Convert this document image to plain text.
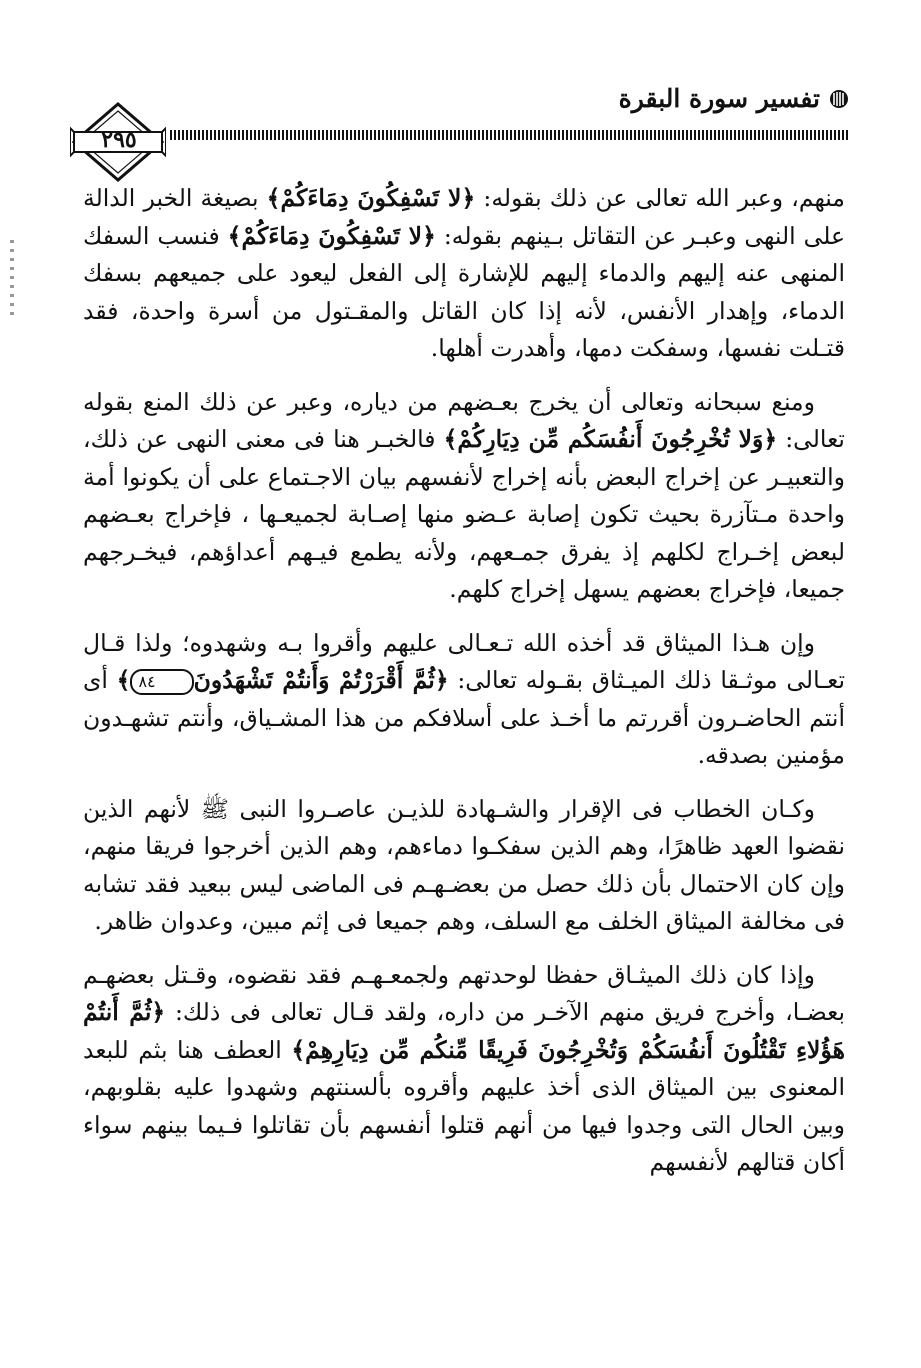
تفسير سورة البقرة
٢٩٥

منهم، وعبر الله تعالى عن ذلك بقوله: ﴿لا تَسْفِكُونَ دِمَاءَكُمْ﴾ بصيغة الخبر الدالة على النهى وعبـر عن التقاتل بـينهم بقوله: ﴿لا تَسْفِكُونَ دِمَاءَكُمْ﴾ فنسب السفك المنهى عنه إليهم والدماء إليهم للإشارة إلى الفعل ليعود على جميعهم بسفك الدماء، وإهدار الأنفس، لأنه إذا كان القاتل والمقـتول من أسرة واحدة، فقد قتـلت نفسها، وسفكت دمها، وأهدرت أهلها.

ومنع سبحانه وتعالى أن يخرج بعـضهم من دياره، وعبر عن ذلك المنع بقوله تعالى: ﴿وَلا تُخْرِجُونَ أَنفُسَكُم مِّن دِيَارِكُمْ﴾ فالخبـر هنا فى معنى النهى عن ذلك، والتعبيـر عن إخراج البعض بأنه إخراج لأنفسهم بيان الاجـتماع على أن يكونوا أمة واحدة مـتآزرة بحيث تكون إصابة عـضو منها إصـابة لجميعـها ، فإخراج بعـضهم لبعض إخـراج لكلهم إذ يفرق جمـعهم، ولأنه يطمع فيـهم أعداؤهم، فيخـرجهم جميعا، فإخراج بعضهم يسهل إخراج كلهم.

وإن هـذا الميثاق قد أخذه الله تـعـالى عليهم وأقروا بـه وشهدوه؛ ولذا قـال تعـالى موثـقا ذلك الميـثاق بقـوله تعالى: ﴿ثُمَّ أَقْرَرْتُمْ وَأَنتُمْ تَشْهَدُونَ٨٤﴾ أى أنتم الحاضـرون أقررتم ما أخـذ على أسلافكم من هذا المشـياق، وأنتم تشهـدون مؤمنين بصدقه.

وكـان الخطاب فى الإقرار والشـهادة للذيـن عاصـروا النبى ﷺ لأنهم الذين نقضوا العهد ظاهرًا، وهم الذين سفكـوا دماءهم، وهم الذين أخرجوا فريقا منهم، وإن كان الاحتمال بأن ذلك حصل من بعضـهـم فى الماضى ليس ببعيد فقد تشابه فى مخالفة الميثاق الخلف مع السلف، وهم جميعا فى إثم مبين، وعدوان ظاهر.

وإذا كان ذلك الميثـاق حفظا لوحدتهم ولجمعـهـم فقد نقضوه، وقـتل بعضهـم بعضـا، وأخرج فريق منهم الآخـر من داره، ولقد قـال تعالى فى ذلك: ﴿ثُمَّ أَنتُمْ هَؤُلاءِ تَقْتُلُونَ أَنفُسَكُمْ وَتُخْرِجُونَ فَرِيقًا مِّنكُم مِّن دِيَارِهِمْ﴾ العطف هنا بثم للبعد المعنوى بين الميثاق الذى أخذ عليهم وأقروه بألسنتهم وشهدوا عليه بقلوبهم، وبين الحال التى وجدوا فيها من أنهم قتلوا أنفسهم بأن تقاتلوا فـيما بينهم سواء أكان قتالهم لأنفسهم
